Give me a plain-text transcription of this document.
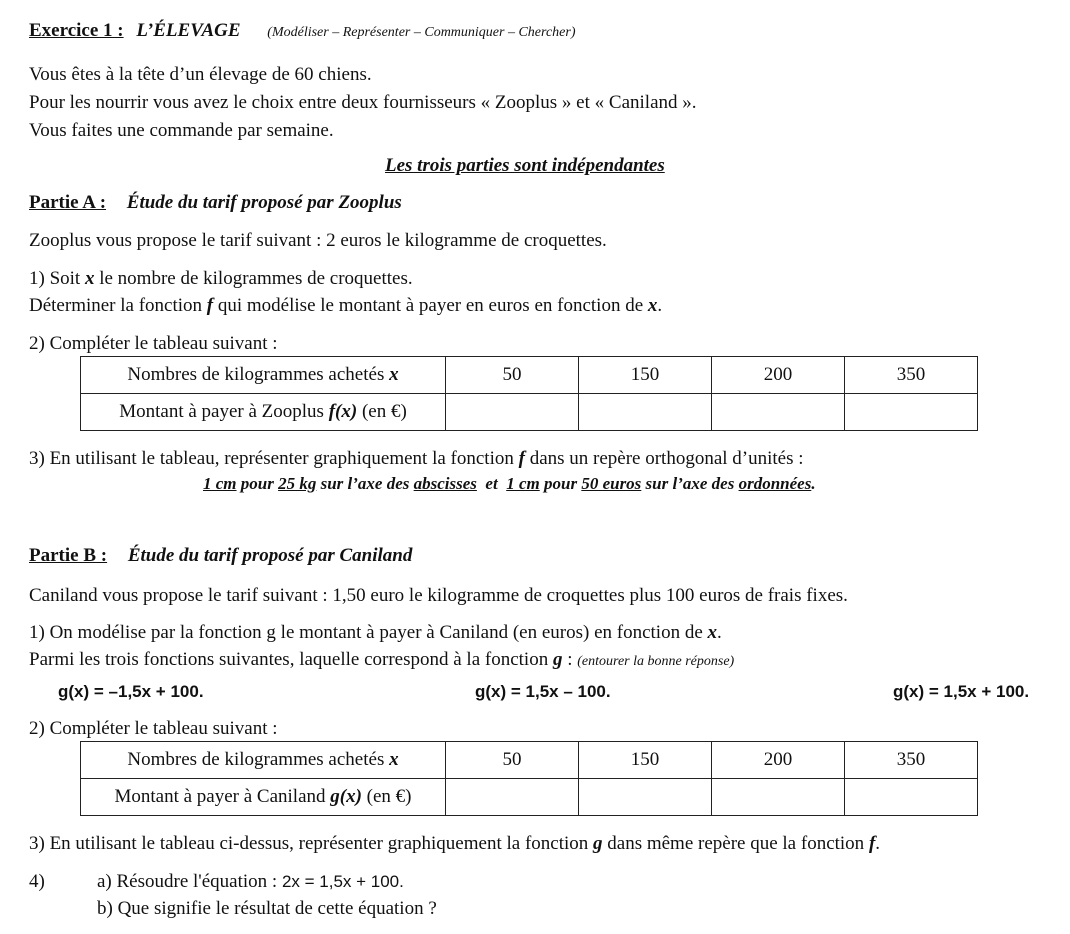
Exercice 1 : L’ÉLEVAGE (Modéliser – Représenter – Communiquer – Chercher)
Vous êtes à la tête d’un élevage de 60 chiens.
Pour les nourrir vous avez le choix entre deux fournisseurs « Zooplus » et « Caniland ».
Vous faites une commande par semaine.
Les trois parties sont indépendantes
Partie A : Étude du tarif proposé par Zooplus
Zooplus vous propose le tarif suivant : 2 euros le kilogramme de croquettes.
1) Soit x le nombre de kilogrammes de croquettes.
Déterminer la fonction f qui modélise le montant à payer en euros en fonction de x.
2) Compléter le tableau suivant :
Nombres de kilogrammes achetés x	50	150	200	350
Montant à payer à Zooplus f(x) (en €)				
3) En utilisant le tableau, représenter graphiquement la fonction f dans un repère orthogonal d’unités :
1 cm pour 25 kg sur l’axe des abscisses  et  1 cm pour 50 euros sur l’axe des ordonnées.
Partie B : Étude du tarif proposé par Caniland
Caniland vous propose le tarif suivant : 1,50 euro le kilogramme de croquettes plus 100 euros de frais fixes.
1) On modélise par la fonction g le montant à payer à Caniland (en euros) en fonction de x.
Parmi les trois fonctions suivantes, laquelle correspond à la fonction g : (entourer la bonne réponse)
g(x) = –1,5x + 100.	g(x) = 1,5x – 100.	g(x) = 1,5x + 100.
2) Compléter le tableau suivant :
Nombres de kilogrammes achetés x	50	150	200	350
Montant à payer à Caniland g(x) (en €)				
3) En utilisant le tableau ci-dessus, représenter graphiquement la fonction g dans même repère que la fonction f.
4)	a) Résoudre l'équation : 2x = 1,5x + 100.
b) Que signifie le résultat de cette équation ?
